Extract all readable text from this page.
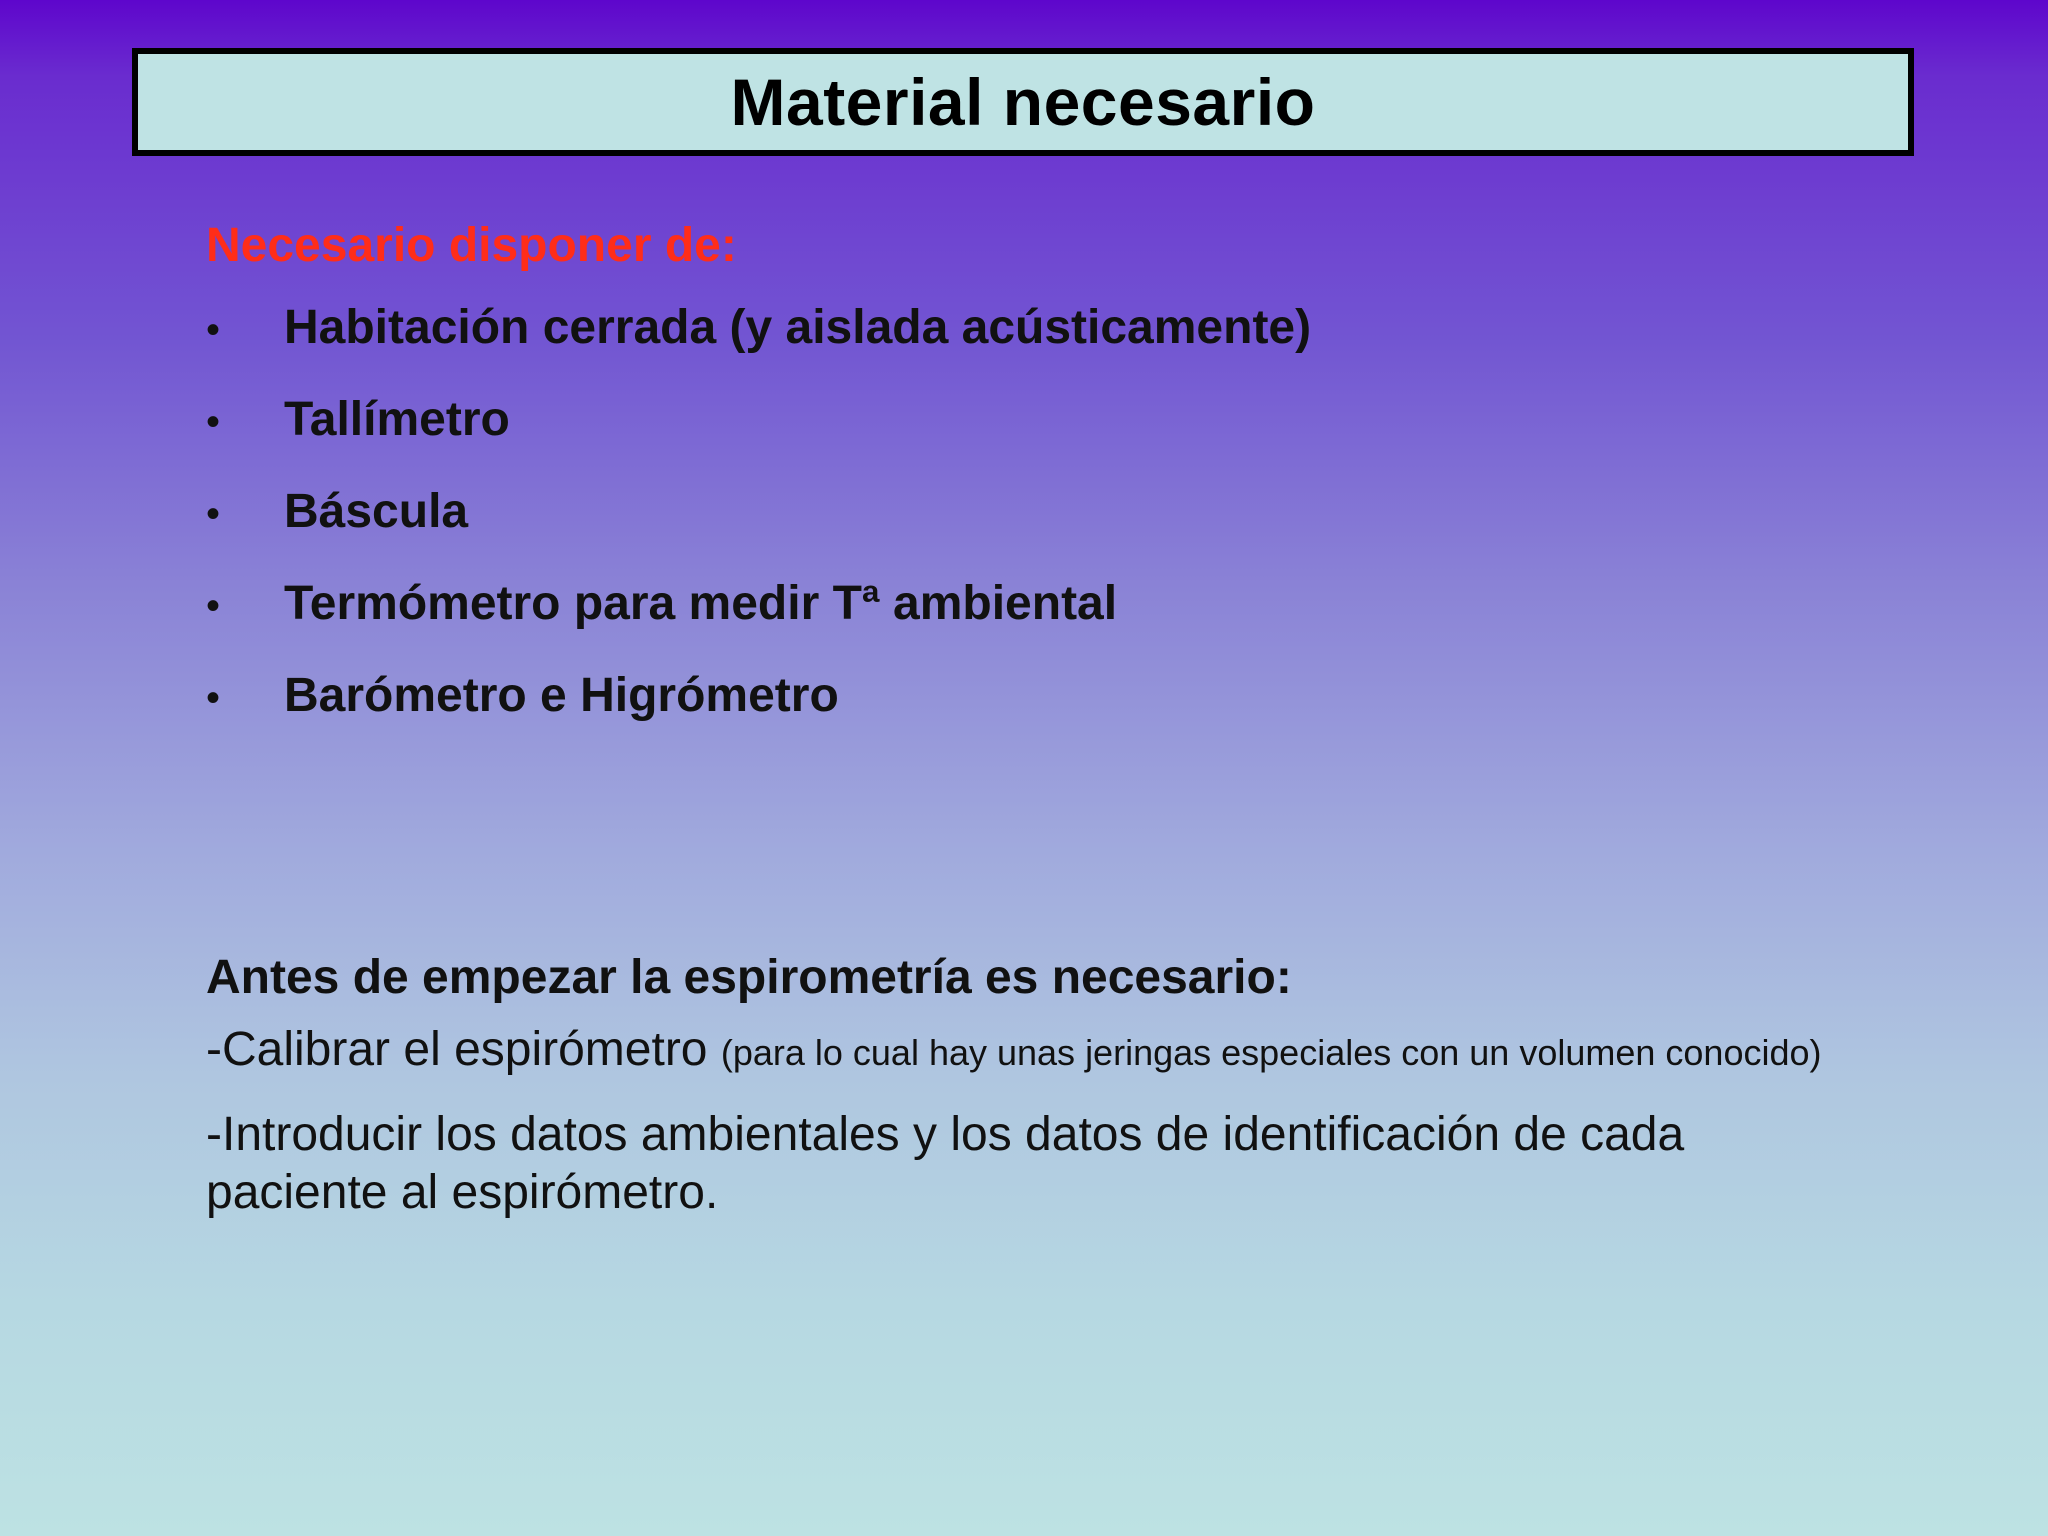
Material necesario
Necesario disponer de:
•	Habitación cerrada (y aislada acústicamente)
•	Tallímetro
•	Báscula
•	Termómetro para medir Tª ambiental
•	Barómetro e Higrómetro
Antes de empezar la espirometría es necesario:
-Calibrar el espirómetro (para lo cual hay unas jeringas especiales con un volumen conocido)
-Introducir los datos ambientales y los datos de identificación de cada paciente al espirómetro.
